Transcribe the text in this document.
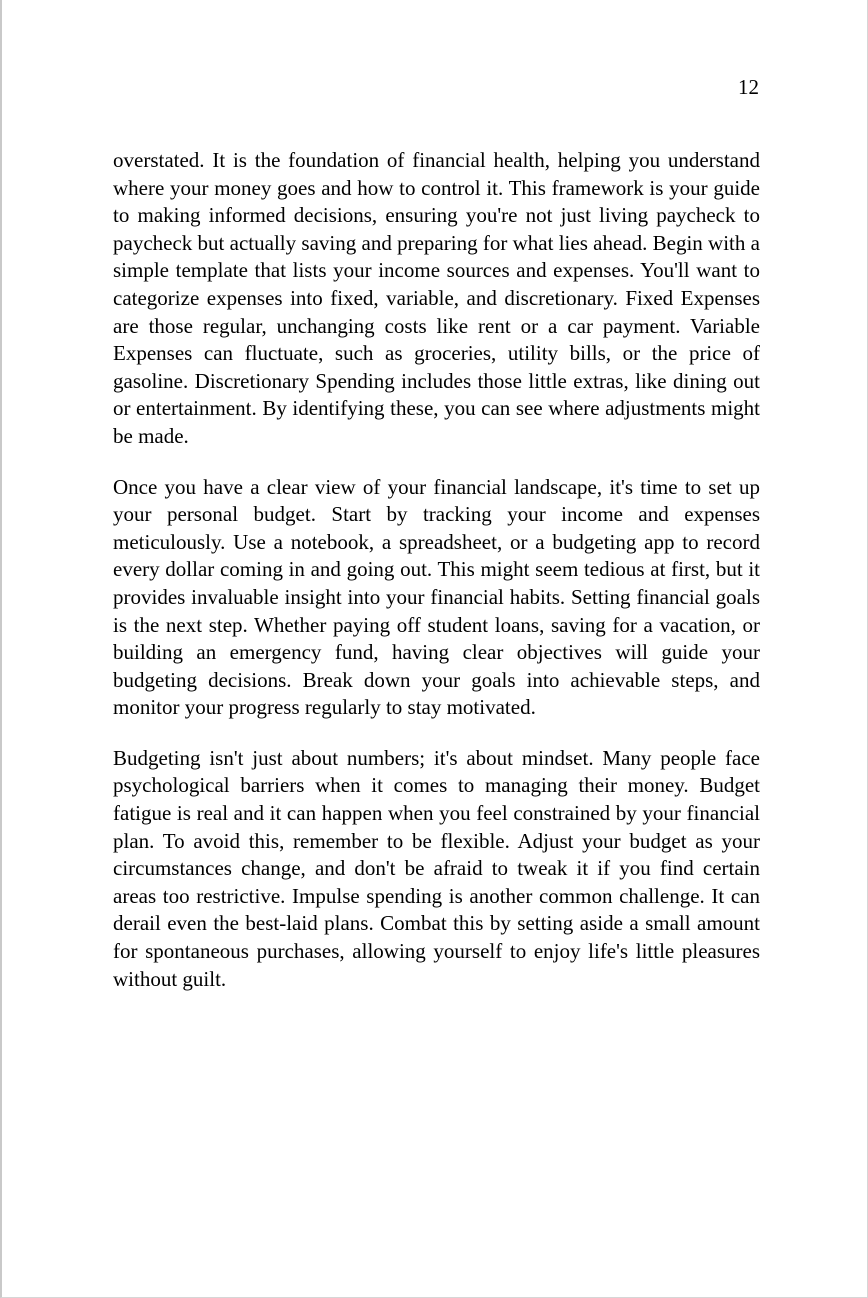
12

overstated. It is the foundation of financial health, helping you understand where your money goes and how to control it. This framework is your guide to making informed decisions, ensuring you're not just living paycheck to paycheck but actually saving and preparing for what lies ahead. Begin with a simple template that lists your income sources and expenses. You'll want to categorize expenses into fixed, variable, and discretionary. Fixed Expenses are those regular, unchanging costs like rent or a car payment. Variable Expenses can fluctuate, such as groceries, utility bills, or the price of gasoline. Discretionary Spending includes those little extras, like dining out or entertainment. By identifying these, you can see where adjustments might be made.

Once you have a clear view of your financial landscape, it's time to set up your personal budget. Start by tracking your income and expenses meticulously. Use a notebook, a spreadsheet, or a budgeting app to record every dollar coming in and going out. This might seem tedious at first, but it provides invaluable insight into your financial habits. Setting financial goals is the next step. Whether paying off student loans, saving for a vacation, or building an emergency fund, having clear objectives will guide your budgeting decisions. Break down your goals into achievable steps, and monitor your progress regularly to stay motivated.

Budgeting isn't just about numbers; it's about mindset. Many people face psychological barriers when it comes to managing their money. Budget fatigue is real and it can happen when you feel constrained by your financial plan. To avoid this, remember to be flexible. Adjust your budget as your circumstances change, and don't be afraid to tweak it if you find certain areas too restrictive. Impulse spending is another common challenge. It can derail even the best-laid plans. Combat this by setting aside a small amount for spontaneous purchases, allowing yourself to enjoy life's little pleasures without guilt.
